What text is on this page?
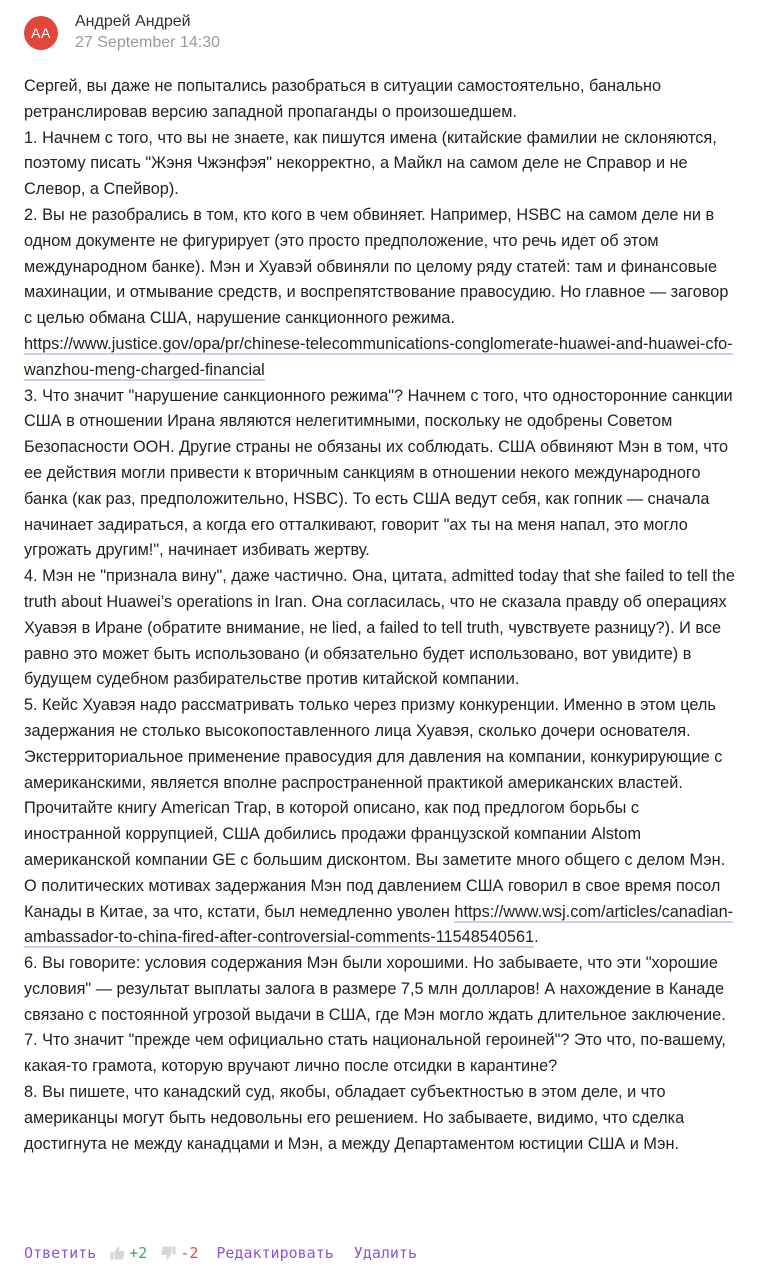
AA
Андрей Андрей
27 September 14:30

Сергей, вы даже не попытались разобраться в ситуации самостоятельно, банально ретранслировав версию западной пропаганды о произошедшем.

1. Начнем с того, что вы не знаете, как пишутся имена (китайские фамилии не склоняются, поэтому писать "Жэня Чжэнфэя" некорректно, а Майкл на самом деле не Справор и не Слевор, а Спейвор).

2. Вы не разобрались в том, кто кого в чем обвиняет. Например, HSBC на самом деле ни в одном документе не фигурирует (это просто предположение, что речь идет об этом международном банке). Мэн и Хуавэй обвиняли по целому ряду статей: там и финансовые махинации, и отмывание средств, и воспрепятствование правосудию. Но главное — заговор с целью обмана США, нарушение санкционного режима.

https://www.justice.gov/opa/pr/chinese-telecommunications-conglomerate-huawei-and-huawei-cfo-wanzhou-meng-charged-financial

3. Что значит "нарушение санкционного режима"? Начнем с того, что односторонние санкции США в отношении Ирана являются нелегитимными, поскольку не одобрены Советом Безопасности ООН. Другие страны не обязаны их соблюдать. США обвиняют Мэн в том, что ее действия могли привести к вторичным санкциям в отношении некого международного банка (как раз, предположительно, HSBC). То есть США ведут себя, как гопник — сначала начинает задираться, а когда его отталкивают, говорит "ах ты на меня напал, это могло угрожать другим!", начинает избивать жертву.

4. Мэн не "признала вину", даже частично. Она, цитата, admitted today that she failed to tell the truth about Huawei’s operations in Iran. Она согласилась, что не сказала правду об операциях Хуавэя в Иране (обратите внимание, не lied, а failed to tell truth, чувствуете разницу?). И все равно это может быть использовано (и обязательно будет использовано, вот увидите) в будущем судебном разбирательстве против китайской компании.

5. Кейс Хуавэя надо рассматривать только через призму конкуренции. Именно в этом цель задержания не столько высокопоставленного лица Хуавэя, сколько дочери основателя. Экстерриториальное применение правосудия для давления на компании, конкурирующие с американскими, является вполне распространенной практикой американских властей. Прочитайте книгу American Trap, в которой описано, как под предлогом борьбы с иностранной коррупцией, США добились продажи французской компании Alstom американской компании GE с большим дисконтом. Вы заметите много общего с делом Мэн. О политических мотивах задержания Мэн под давлением США говорил в свое время посол Канады в Китае, за что, кстати, был немедленно уволен https://www.wsj.com/articles/canadian-ambassador-to-china-fired-after-controversial-comments-11548540561.

6. Вы говорите: условия содержания Мэн были хорошими. Но забываете, что эти "хорошие условия" — результат выплаты залога в размере 7,5 млн долларов! А нахождение в Канаде связано с постоянной угрозой выдачи в США, где Мэн могло ждать длительное заключение.

7. Что значит "прежде чем официально стать национальной героиней"? Это что, по-вашему, какая-то грамота, которую вручают лично после отсидки в карантине?

8. Вы пишете, что канадский суд, якобы, обладает субъектностью в этом деле, и что американцы могут быть недовольны его решением. Но забываете, видимо, что сделка достигнута не между канадцами и Мэн, а между Департаментом юстиции США и Мэн.

Ответить +2 -2 Редактировать Удалить
